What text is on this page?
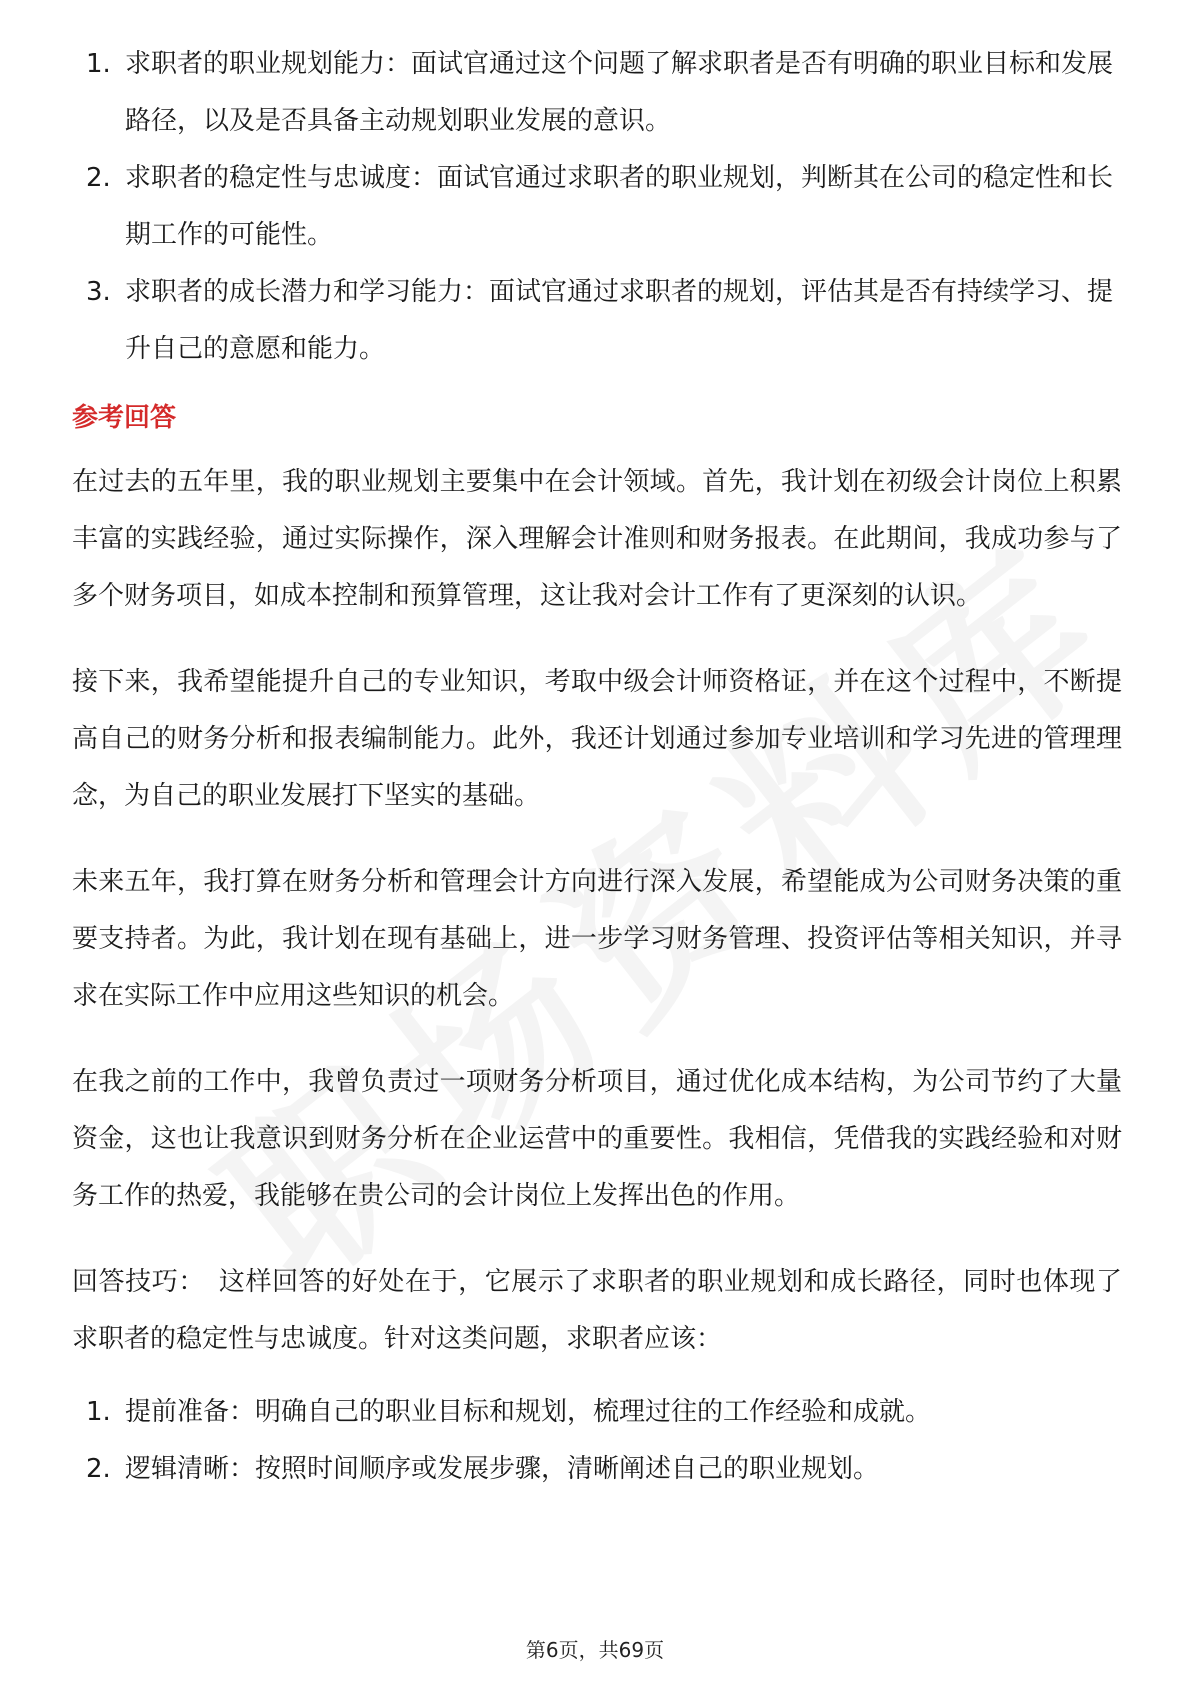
1. 求职者的职业规划能力：面试官通过这个问题了解求职者是否有明确的职业目标和发展路径，以及是否具备主动规划职业发展的意识。
2. 求职者的稳定性与忠诚度：面试官通过求职者的职业规划，判断其在公司的稳定性和长期工作的可能性。
3. 求职者的成长潜力和学习能力：面试官通过求职者的规划，评估其是否有持续学习、提升自己的意愿和能力。
参考回答

在过去的五年里，我的职业规划主要集中在会计领域。首先，我计划在初级会计岗位上积累丰富的实践经验，通过实际操作，深入理解会计准则和财务报表。在此期间，我成功参与了多个财务项目，如成本控制和预算管理，这让我对会计工作有了更深刻的认识。

接下来，我希望能提升自己的专业知识，考取中级会计师资格证，并在这个过程中，不断提高自己的财务分析和报表编制能力。此外，我还计划通过参加专业培训和学习先进的管理理念，为自己的职业发展打下坚实的基础。

未来五年，我打算在财务分析和管理会计方向进行深入发展，希望能成为公司财务决策的重要支持者。为此，我计划在现有基础上，进一步学习财务管理、投资评估等相关知识，并寻求在实际工作中应用这些知识的机会。

在我之前的工作中，我曾负责过一项财务分析项目，通过优化成本结构，为公司节约了大量资金，这也让我意识到财务分析在企业运营中的重要性。我相信，凭借我的实践经验和对财务工作的热爱，我能够在贵公司的会计岗位上发挥出色的作用。

回答技巧： 这样回答的好处在于，它展示了求职者的职业规划和成长路径，同时也体现了求职者的稳定性与忠诚度。针对这类问题，求职者应该：

1. 提前准备：明确自己的职业目标和规划，梳理过往的工作经验和成就。
2. 逻辑清晰：按照时间顺序或发展步骤，清晰阐述自己的职业规划。
第6页，共69页
